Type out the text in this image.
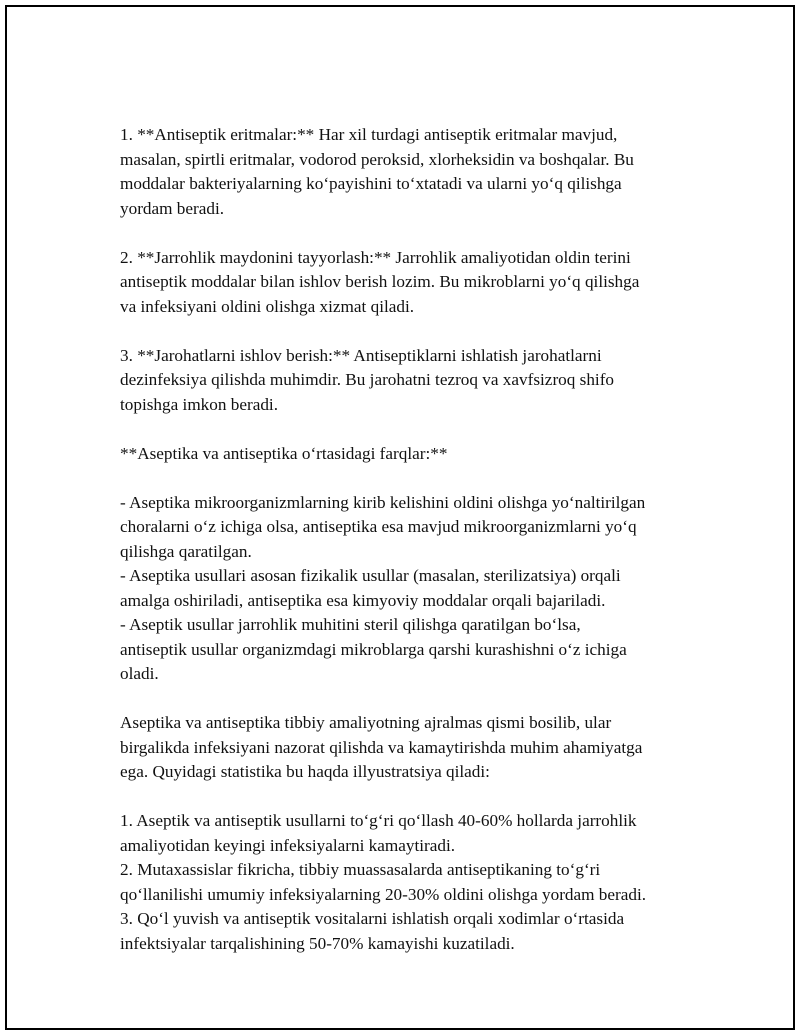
1. **Antiseptik eritmalar:** Har xil turdagi antiseptik eritmalar mavjud,
masalan, spirtli eritmalar, vodorod peroksid, xlorheksidin va boshqalar. Bu
moddalar bakteriyalarning ko‘payishini to‘xtatadi va ularni yo‘q qilishga
yordam beradi.
2. **Jarrohlik maydonini tayyorlash:** Jarrohlik amaliyotidan oldin terini
antiseptik moddalar bilan ishlov berish lozim. Bu mikroblarni yo‘q qilishga
va infeksiyani oldini olishga xizmat qiladi.
3. **Jarohatlarni ishlov berish:** Antiseptiklarni ishlatish jarohatlarni
dezinfeksiya qilishda muhimdir. Bu jarohatni tezroq va xavfsizroq shifo
topishga imkon beradi.
**Aseptika va antiseptika o‘rtasidagi farqlar:**
- Aseptika mikroorganizmlarning kirib kelishini oldini olishga yo‘naltirilgan
choralarni o‘z ichiga olsa, antiseptika esa mavjud mikroorganizmlarni yo‘q
qilishga qaratilgan.
- Aseptika usullari asosan fizikalik usullar (masalan, sterilizatsiya) orqali
amalga oshiriladi, antiseptika esa kimyoviy moddalar orqali bajariladi.
- Aseptik usullar jarrohlik muhitini steril qilishga qaratilgan bo‘lsa,
antiseptik usullar organizmdagi mikroblarga qarshi kurashishni o‘z ichiga
oladi.
Aseptika va antiseptika tibbiy amaliyotning ajralmas qismi bosilib, ular
birgalikda infeksiyani nazorat qilishda va kamaytirishda muhim ahamiyatga
ega. Quyidagi statistika bu haqda illyustratsiya qiladi:
1. Aseptik va antiseptik usullarni to‘g‘ri qo‘llash 40-60% hollarda jarrohlik
amaliyotidan keyingi infeksiyalarni kamaytiradi.
2. Mutaxassislar fikricha, tibbiy muassasalarda antiseptikaning to‘g‘ri
qo‘llanilishi umumiy infeksiyalarning 20-30% oldini olishga yordam beradi.
3. Qo‘l yuvish va antiseptik vositalarni ishlatish orqali xodimlar o‘rtasida
infektsiyalar tarqalishining 50-70% kamayishi kuzatiladi.
